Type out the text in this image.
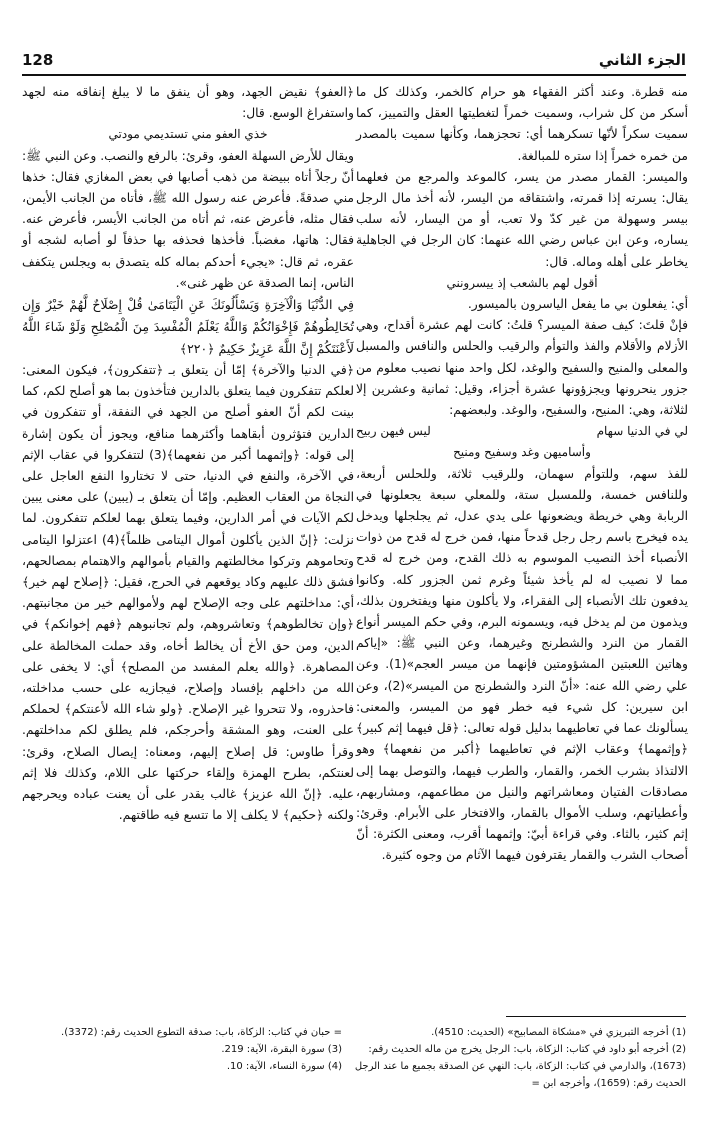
الجزء الثاني
128

منه قطرة. وعند أكثر الفقهاء هو حرام كالخمر، وكذلك كل ما أسكر من كل شراب، وسميت خمراً لتغطيتها العقل والتمييز، كما سميت سكراً لأنّها تسكرهما أي: تحجزهما، وكأنها سميت بالمصدر من خمره خمراً إذا ستره للمبالغة.

والميسر: القمار مصدر من يسر، كالموعد والمرجع من فعلهما يقال: يسرته إذا قمرته، واشتقاقه من اليسر، لأنه أخذ مال الرجل بيسر وسهولة من غير كدّ ولا تعب، أو من اليسار، لأنه سلب يساره، وعن ابن عباس رضي الله عنهما: كان الرجل في الجاهلية يخاطر على أهله وماله. قال:

أقول لهم بالشعب إذ ييسرونني

أي: يفعلون بي ما يفعل الياسرون بالميسور.

فإنْ قلتَ: كيف صفة الميسر؟ قلتُ: كانت لهم عشرة أقداح، وهي الأزلام والأقلام والفذ والتوأم والرقيب والحلس والنافس والمسبل والمعلى والمنيح والسفيح والوغد، لكل واحد منها نصيب معلوم من جزور ينحرونها ويجزؤونها عشرة أجزاء، وقيل: ثمانية وعشرين إلا لثلاثة، وهي: المنيح، والسفيح، والوغد. ولبعضهم:

لي في الدنيا سهام
ليس فيهن ربيح

وأساميهن وغد وسفيح ومنيح

للفذ سهم، وللتوأم سهمان، وللرقيب ثلاثة، وللحلس أربعة، وللنافس خمسة، وللمسبل ستة، وللمعلي سبعة يجعلونها في الربابة وهي خريطة ويضعونها على يدي عدل، ثم يجلجلها ويدخل يده فيخرج باسم رجل رجل قدحاً منها، فمن خرج له قدح من ذوات الأنصباء أخذ النصيب الموسوم به ذلك القدح، ومن خرج له قدح مما لا نصيب له لم يأخذ شيئاً وغرم ثمن الجزور كله. وكانوا يدفعون تلك الأنصباء إلى الفقراء، ولا يأكلون منها ويفتخرون بذلك، ويذمون من لم يدخل فيه، ويسمونه البرم، وفي حكم الميسر أنواع القمار من النرد والشطرنج وغيرهما، وعن النبي ﷺ: «إياكم وهاتين اللعبتين المشؤومتين فإنهما من ميسر العجم»(1). وعن علي رضي الله عنه: «أنّ النرد والشطرنج من الميسر»(2)، وعن ابن سيرين: كل شيء فيه خطر فهو من الميسر، والمعنى: يسألونك عما في تعاطيهما بدليل قوله تعالى: ﴿قل فيهما إثم كبير﴾ ﴿وإثمهما﴾ وعقاب الإثم في تعاطيهما ﴿أكبر من نفعهما﴾ وهو الالتذاذ بشرب الخمر، والقمار، والطرب فيهما، والتوصل بهما إلى مصادقات الفتيان ومعاشراتهم والنيل من مطاعمهم، ومشاربهم، وأعطياتهم، وسلب الأموال بالقمار، والافتخار على الأبرام. وقرئ: إثم كثير، بالثاء. وفي قراءة أبيّ: وإثمهما أقرب، ومعنى الكثرة: أنّ أصحاب الشرب والقمار يقترفون فيهما الآثام من وجوه كثيرة.

﴿العفو﴾ نقيض الجهد، وهو أن ينفق ما لا يبلغ إنفاقه منه لجهد واستفراغ الوسع. قال:

خذي العفو مني تستديمي مودتي

ويقال للأرض السهلة العفو، وقرئ: بالرفع والنصب. وعن النبي ﷺ: أنّ رجلاً أتاه ببيضة من ذهب أصابها في بعض المغازي فقال: خذها مني صدقةً. فأعرض عنه رسول الله ﷺ، فأتاه من الجانب الأيمن، فقال مثله، فأعرض عنه، ثم أتاه من الجانب الأيسر، فأعرض عنه. فقال: هاتها، مغضباً. فأخذها فحذفه بها حذفاً لو أصابه لشجه أو عقره، ثم قال: «يجيء أحدكم بماله كله يتصدق به ويجلس يتكفف الناس، إنما الصدقة عن ظهر غنى».

فِي الدُّنْيَا وَالْآخِرَةِ وَيَسْأَلُونَكَ عَنِ الْيَتَامَىٰ قُلْ إِصْلَاحٌ لَّهُمْ خَيْرٌ وَإِن تُخَالِطُوهُمْ فَإِخْوَانُكُمْ وَاللَّهُ يَعْلَمُ الْمُفْسِدَ مِنَ الْمُصْلِحِ وَلَوْ شَاءَ اللَّهُ لَأَعْنَتَكُمْ إِنَّ اللَّهَ عَزِيزٌ حَكِيمٌ ﴿٢٢٠﴾

﴿في الدنيا والآخرة﴾ إمّا أن يتعلق بـ ﴿تتفكرون﴾، فيكون المعنى: لعلكم تتفكرون فيما يتعلق بالدارين فتأخذون بما هو أصلح لكم، كما بينت لكم أنّ العفو أصلح من الجهد في النفقة، أو تتفكرون في الدارين فتؤثرون أبقاهما وأكثرهما منافع، ويجوز أن يكون إشارة إلى قوله: ﴿وإثمهما أكبر من نفعهما﴾(3) لتتفكروا في عقاب الإثم في الآخرة، والنفع في الدنيا، حتى لا تختاروا النفع العاجل على النجاة من العقاب العظيم. وإمّا أن يتعلق بـ (يبين) على معنى يبين لكم الآيات في أمر الدارين، وفيما يتعلق بهما لعلكم تتفكرون. لما نزلت: ﴿إنّ الذين يأكلون أموال اليتامى ظلماً﴾(4) اعتزلوا اليتامى وتحاموهم وتركوا مخالطتهم والقيام بأموالهم والاهتمام بمصالحهم، فشق ذلك عليهم وكاد يوقعهم في الحرج، فقيل: ﴿إصلاح لهم خير﴾ أي: مداخلتهم على وجه الإصلاح لهم ولأموالهم خير من مجانبتهم. ﴿وإن تخالطوهم﴾ وتعاشروهم، ولم تجانبوهم ﴿فهم إخوانكم﴾ في الدين، ومن حق الأخ أن يخالط أخاه، وقد حملت المخالطة على المصاهرة. ﴿والله يعلم المفسد من المصلح﴾ أي: لا يخفى على الله من داخلهم بإفساد وإصلاح، فيجازيه على حسب مداخلته، فاحذروه، ولا تتحروا غير الإصلاح. ﴿ولو شاء الله لأعنتكم﴾ لحملكم على العنت، وهو المشقة وأحرجكم، فلم يطلق لكم مداخلتهم. وقرأ طاوس: قل إصلاح إليهم، ومعناه: إيصال الصلاح، وقرئ: لعنتكم، بطرح الهمزة وإلقاء حركتها على اللام، وكذلك فلا إثم عليه. ﴿إنّ الله عزيز﴾ غالب يقدر على أن يعنت عباده ويحرجهم ولكنه ﴿حكيم﴾ لا يكلف إلا ما تتسع فيه طاقتهم.

(1) أخرجه التبريزي في «مشكاة المصابيح» (الحديث: 4510).
(2) أخرجه أبو داود في كتاب: الزكاة، باب: الرجل يخرج من ماله الحديث رقم: (1673)، والدارمي في كتاب: الزكاة، باب: النهي عن الصدقة بجميع ما عند الرجل الحديث رقم: (1659)، وأخرجه ابن =
= حبان في كتاب: الزكاة، باب: صدقة التطوع الحديث رقم: (3372).
(3) سورة البقرة، الآية: 219.
(4) سورة النساء، الآية: 10.
